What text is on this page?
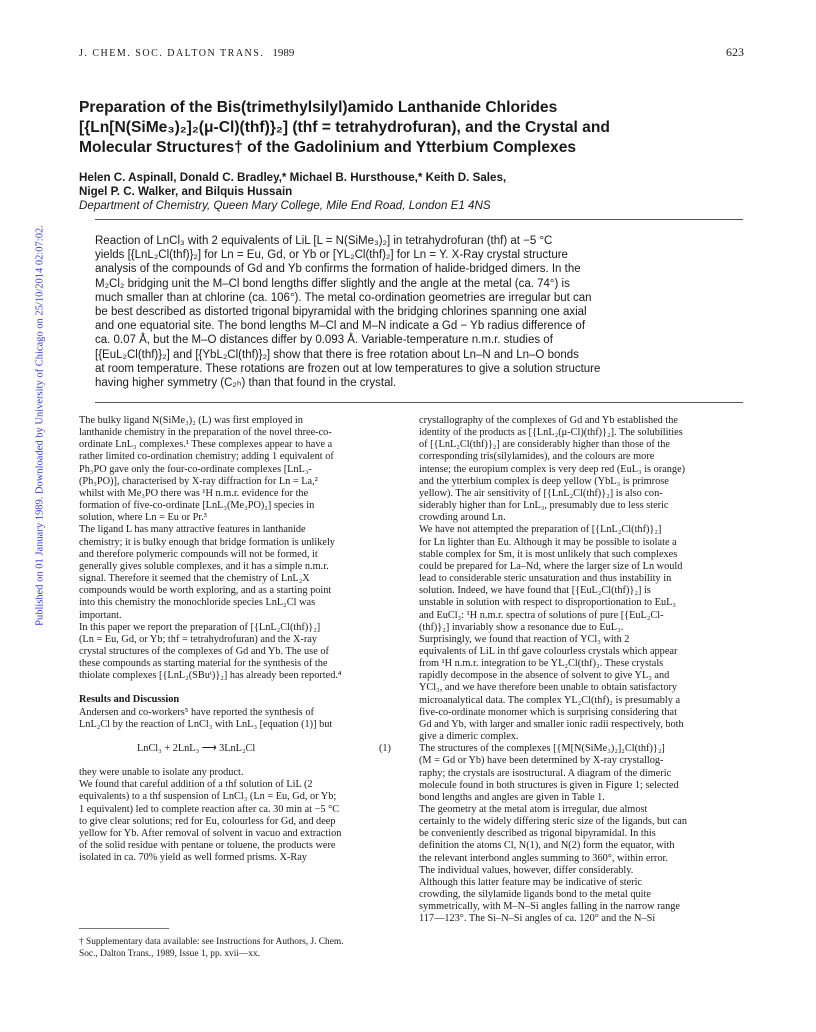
J. CHEM. SOC. DALTON TRANS. 1989	623
Published on 01 January 1989. Downloaded by University of Chicago on 25/10/2014 02:07:02.
Preparation of the Bis(trimethylsilyl)amido Lanthanide Chlorides
[{Ln[N(SiMe₃)₂]₂(μ-Cl)(thf)}₂] (thf = tetrahydrofuran), and the Crystal and
Molecular Structures† of the Gadolinium and Ytterbium Complexes
Helen C. Aspinall, Donald C. Bradley,* Michael B. Hursthouse,* Keith D. Sales,
Nigel P. C. Walker, and Bilquis Hussain
Department of Chemistry, Queen Mary College, Mile End Road, London E1 4NS
Reaction of LnCl₃ with 2 equivalents of LiL [L = N(SiMe₃)₂] in tetrahydrofuran (thf) at −5 °C
yields [{LnL₂Cl(thf)}₂] for Ln = Eu, Gd, or Yb or [YL₂Cl(thf)₂] for Ln = Y. X-Ray crystal structure
analysis of the compounds of Gd and Yb confirms the formation of halide-bridged dimers. In the
M₂Cl₂ bridging unit the M–Cl bond lengths differ slightly and the angle at the metal (ca. 74°) is
much smaller than at chlorine (ca. 106°). The metal co-ordination geometries are irregular but can
be best described as distorted trigonal bipyramidal with the bridging chlorines spanning one axial
and one equatorial site. The bond lengths M–Cl and M–N indicate a Gd − Yb radius difference of
ca. 0.07 Å, but the M–O distances differ by 0.093 Å. Variable-temperature n.m.r. studies of
[{EuL₂Cl(thf)}₂] and [{YbL₂Cl(thf)}₂] show that there is free rotation about Ln–N and Ln–O bonds
at room temperature. These rotations are frozen out at low temperatures to give a solution structure
having higher symmetry (C₂ₕ) than that found in the crystal.
The bulky ligand N(SiMe₃)₂ (L) was first employed in
lanthanide chemistry in the preparation of the novel three-co-
ordinate LnL₃ complexes.¹ These complexes appear to have a
rather limited co-ordination chemistry; adding 1 equivalent of
Ph₃PO gave only the four-co-ordinate complexes [LnL₃-
(Ph₃PO)], characterised by X-ray diffraction for Ln = La,²
whilst with Me₃PO there was ¹H n.m.r. evidence for the
formation of five-co-ordinate [LnL₃(Me₃PO)₂] species in
solution, where Ln = Eu or Pr.³
The ligand L has many attractive features in lanthanide
chemistry; it is bulky enough that bridge formation is unlikely
and therefore polymeric compounds will not be formed, it
generally gives soluble complexes, and it has a simple n.m.r.
signal. Therefore it seemed that the chemistry of LnL₂X
compounds would be worth exploring, and as a starting point
into this chemistry the monochloride species LnL₂Cl was
important.
In this paper we report the preparation of [{LnL₂Cl(thf)}₂]
(Ln = Eu, Gd, or Yb; thf = tetrahydrofuran) and the X-ray
crystal structures of the complexes of Gd and Yb. The use of
these compounds as starting material for the synthesis of the
thiolate complexes [{LnL₂(SBuᵗ)}₂] has already been reported.⁴
Results and Discussion
Andersen and co-workers⁵ have reported the synthesis of
LnL₂Cl by the reaction of LnCl₃ with LnL₃ [equation (1)] but
LnCl₃ + 2LnL₃ ⟶ 3LnL₂Cl	(1)
they were unable to isolate any product.
We found that careful addition of a thf solution of LiL (2
equivalents) to a thf suspension of LnCl₃ (Ln = Eu, Gd, or Yb;
1 equivalent) led to complete reaction after ca. 30 min at −5 °C
to give clear solutions; red for Eu, colourless for Gd, and deep
yellow for Yb. After removal of solvent in vacuo and extraction
of the solid residue with pentane or toluene, the products were
isolated in ca. 70% yield as well formed prisms. X-Ray
† Supplementary data available: see Instructions for Authors, J. Chem.
Soc., Dalton Trans., 1989, Issue 1, pp. xvii—xx.
crystallography of the complexes of Gd and Yb established the
identity of the products as [{LnL₂(μ-Cl)(thf)}₂]. The solubilities
of [{LnL₂Cl(thf)}₂] are considerably higher than those of the
corresponding tris(silylamides), and the colours are more
intense; the europium complex is very deep red (EuL₃ is orange)
and the ytterbium complex is deep yellow (YbL₃ is primrose
yellow). The air sensitivity of [{LnL₂Cl(thf)}₂] is also con-
siderably higher than for LnL₃, presumably due to less steric
crowding around Ln.
We have not attempted the preparation of [{LnL₂Cl(thf)}₂]
for Ln lighter than Eu. Although it may be possible to isolate a
stable complex for Sm, it is most unlikely that such complexes
could be prepared for La–Nd, where the larger size of Ln would
lead to considerable steric unsaturation and thus instability in
solution. Indeed, we have found that [{EuL₂Cl(thf)}₂] is
unstable in solution with respect to disproportionation to EuL₃
and EuCl₃: ¹H n.m.r. spectra of solutions of pure [{EuL₂Cl-
(thf)}₂] invariably show a resonance due to EuL₃.
Surprisingly, we found that reaction of YCl₃ with 2
equivalents of LiL in thf gave colourless crystals which appear
from ¹H n.m.r. integration to be YL₂Cl(thf)₂. These crystals
rapidly decompose in the absence of solvent to give YL₃ and
YCl₃, and we have therefore been unable to obtain satisfactory
microanalytical data. The complex YL₂Cl(thf)₂ is presumably a
five-co-ordinate monomer which is surprising considering that
Gd and Yb, with larger and smaller ionic radii respectively, both
give a dimeric complex.
The structures of the complexes [{M[N(SiMe₃)₂]₂Cl(thf)}₂]
(M = Gd or Yb) have been determined by X-ray crystallog-
raphy; the crystals are isostructural. A diagram of the dimeric
molecule found in both structures is given in Figure 1; selected
bond lengths and angles are given in Table 1.
The geometry at the metal atom is irregular, due almost
certainly to the widely differing steric size of the ligands, but can
be conveniently described as trigonal bipyramidal. In this
definition the atoms Cl, N(1), and N(2) form the equator, with
the relevant interbond angles summing to 360°, within error.
The individual values, however, differ considerably.
Although this latter feature may be indicative of steric
crowding, the silylamide ligands bond to the metal quite
symmetrically, with M–N–Si angles falling in the narrow range
117—123°. The Si–N–Si angles of ca. 120° and the N–Si
